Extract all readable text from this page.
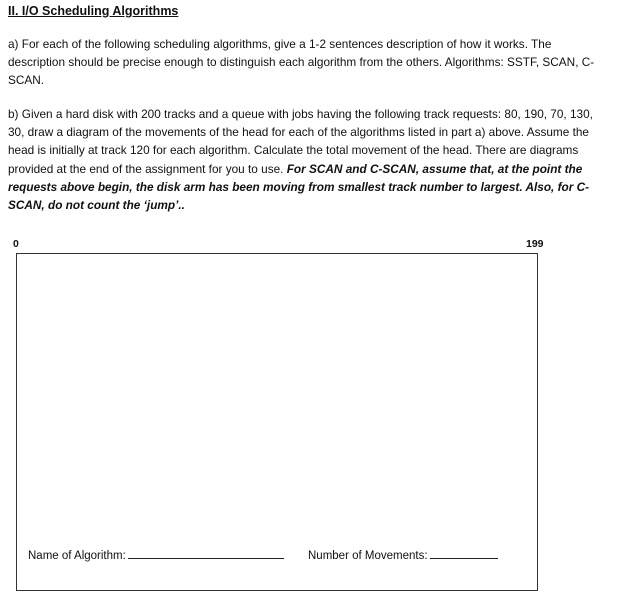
II. I/O Scheduling Algorithms
a) For each of the following scheduling algorithms, give a 1-2 sentences description of how it works. The description should be precise enough to distinguish each algorithm from the others. Algorithms: SSTF, SCAN, C-SCAN.
b) Given a hard disk with 200 tracks and a queue with jobs having the following track requests: 80, 190, 70, 130, 30, draw a diagram of the movements of the head for each of the algorithms listed in part a) above. Assume the head is initially at track 120 for each algorithm. Calculate the total movement of the head. There are diagrams provided at the end of the assignment for you to use. For SCAN and C-SCAN, assume that, at the point the requests above begin, the disk arm has been moving from smallest track number to largest. Also, for C-SCAN, do not count the ‘jump’..
0	199
Name of Algorithm:	Number of Movements:
